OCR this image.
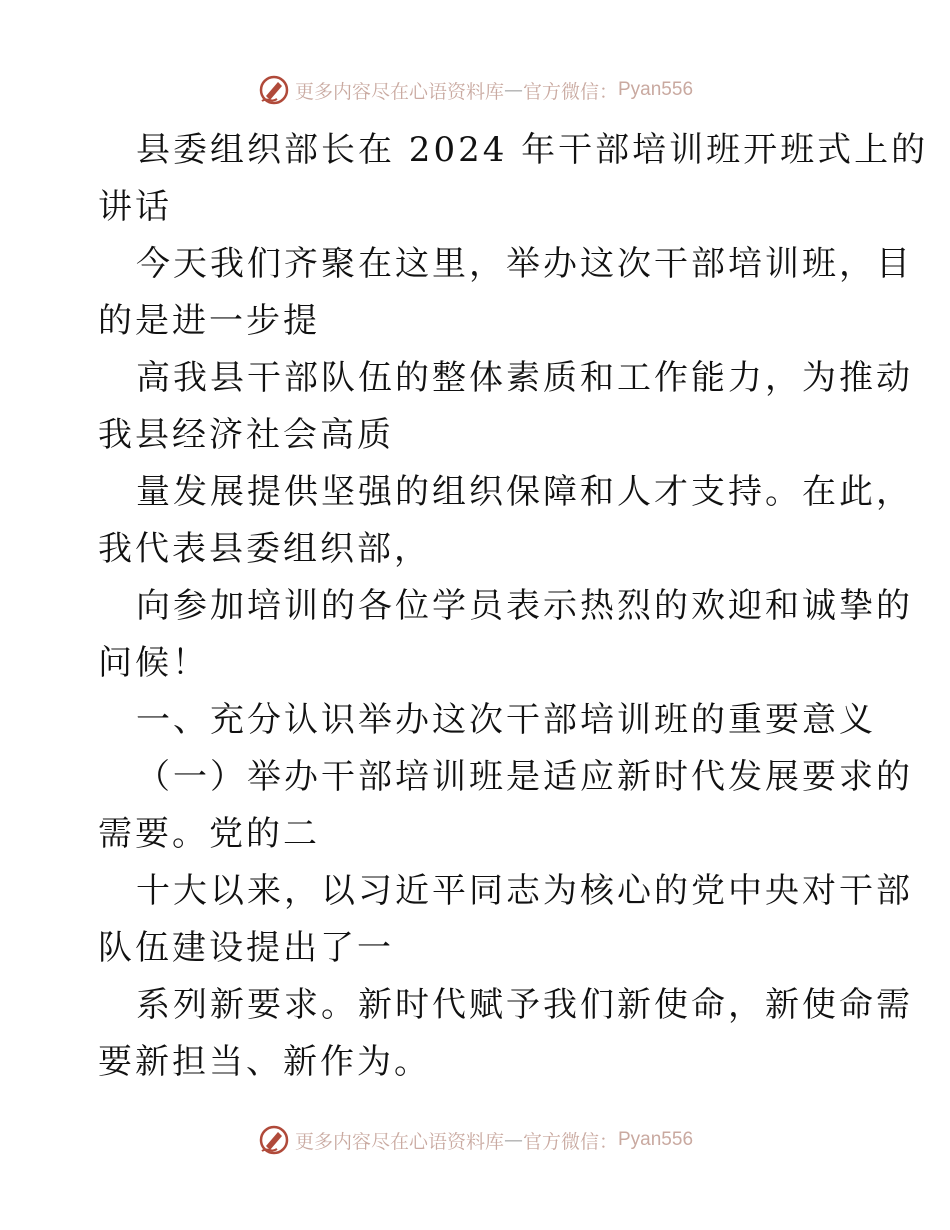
更多内容尽在心语资料库 — 官方微信： Pyan556
县委组织部长在 2024 年干部培训班开班式上的
讲话
今天我们齐聚在这里，举办这次干部培训班，目
的是进一步提
高我县干部队伍的整体素质和工作能力，为推动
我县经济社会高质
量发展提供坚强的组织保障和人才支持。在此，
我代表县委组织部，
向参加培训的各位学员表示热烈的欢迎和诚挚的
问候！
一、充分认识举办这次干部培训班的重要意义
（一）举办干部培训班是适应新时代发展要求的
需要。党的二
十大以来，以习近平同志为核心的党中央对干部
队伍建设提出了一
系列新要求。新时代赋予我们新使命，新使命需
要新担当、新作为。
更多内容尽在心语资料库 — 官方微信： Pyan556
